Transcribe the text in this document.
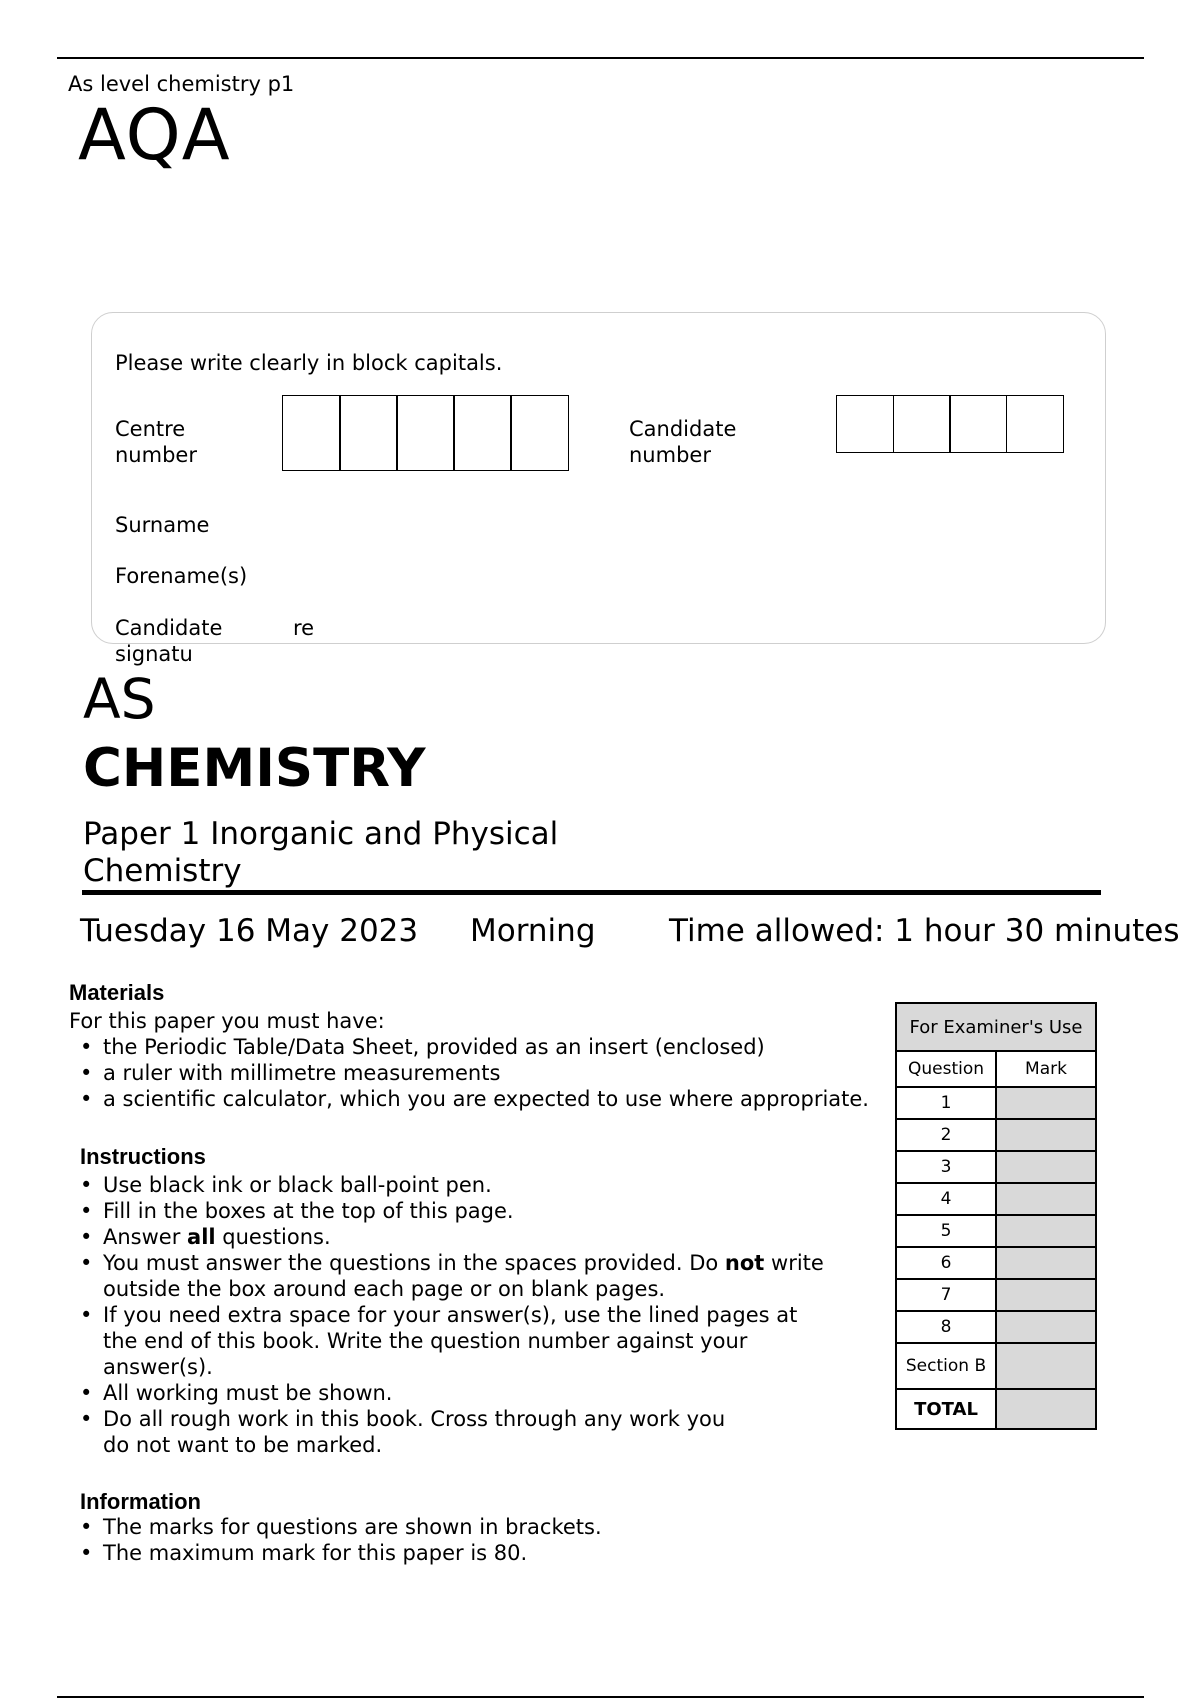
As level chemistry p1
AQA
Please write clearly in block capitals.
Centre
number
Candidate
number
Surname
Forename(s)
Candidate
signatu
re
AS
CHEMISTRY
Paper 1 Inorganic and Physical
Chemistry
Tuesday 16 May 2023 Morning Time allowed: 1 hour 30 minutes
Materials
For this paper you must have:
• the Periodic Table/Data Sheet, provided as an insert (enclosed)
• a ruler with millimetre measurements
• a scientific calculator, which you are expected to use where appropriate.
Instructions
• Use black ink or black ball-point pen.
• Fill in the boxes at the top of this page.
• Answer all questions.
• You must answer the questions in the spaces provided. Do not write outside the box around each page or on blank pages.
• If you need extra space for your answer(s), use the lined pages at the end of this book. Write the question number against your answer(s).
• All working must be shown.
• Do all rough work in this book. Cross through any work you do not want to be marked.
Information
• The marks for questions are shown in brackets.
• The maximum mark for this paper is 80.
For Examiner's Use	
Question	Mark
1	
2	
3	
4	
5	
6	
7	
8	
Section B	
TOTAL	
